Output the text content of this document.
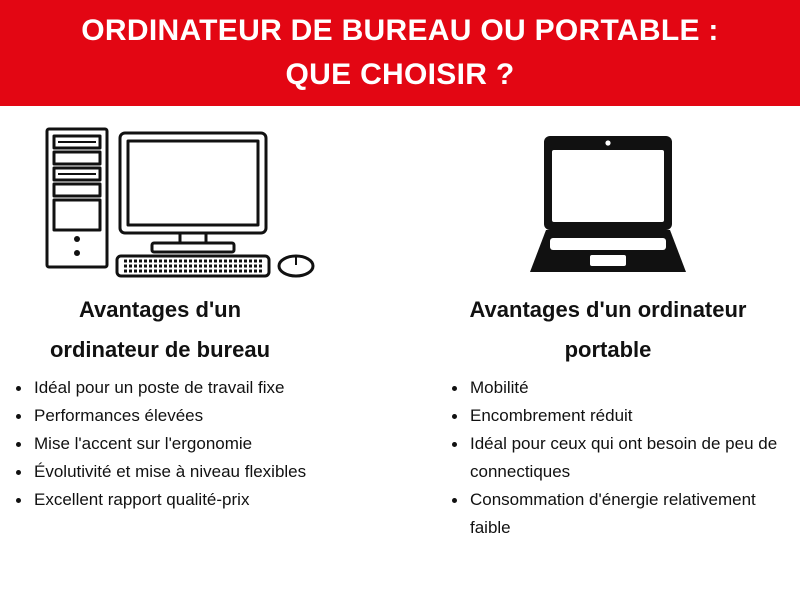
ORDINATEUR DE BUREAU OU PORTABLE :
QUE CHOISIR ?
Avantages d'un
ordinateur de bureau
Avantages d'un ordinateur
portable
Idéal pour un poste de travail fixe
Performances élevées
Mise l'accent sur l'ergonomie
Évolutivité et mise à niveau flexibles
Excellent rapport qualité-prix
Mobilité
Encombrement réduit
Idéal pour ceux qui ont besoin de peu de connectiques
Consommation d'énergie relativement faible
